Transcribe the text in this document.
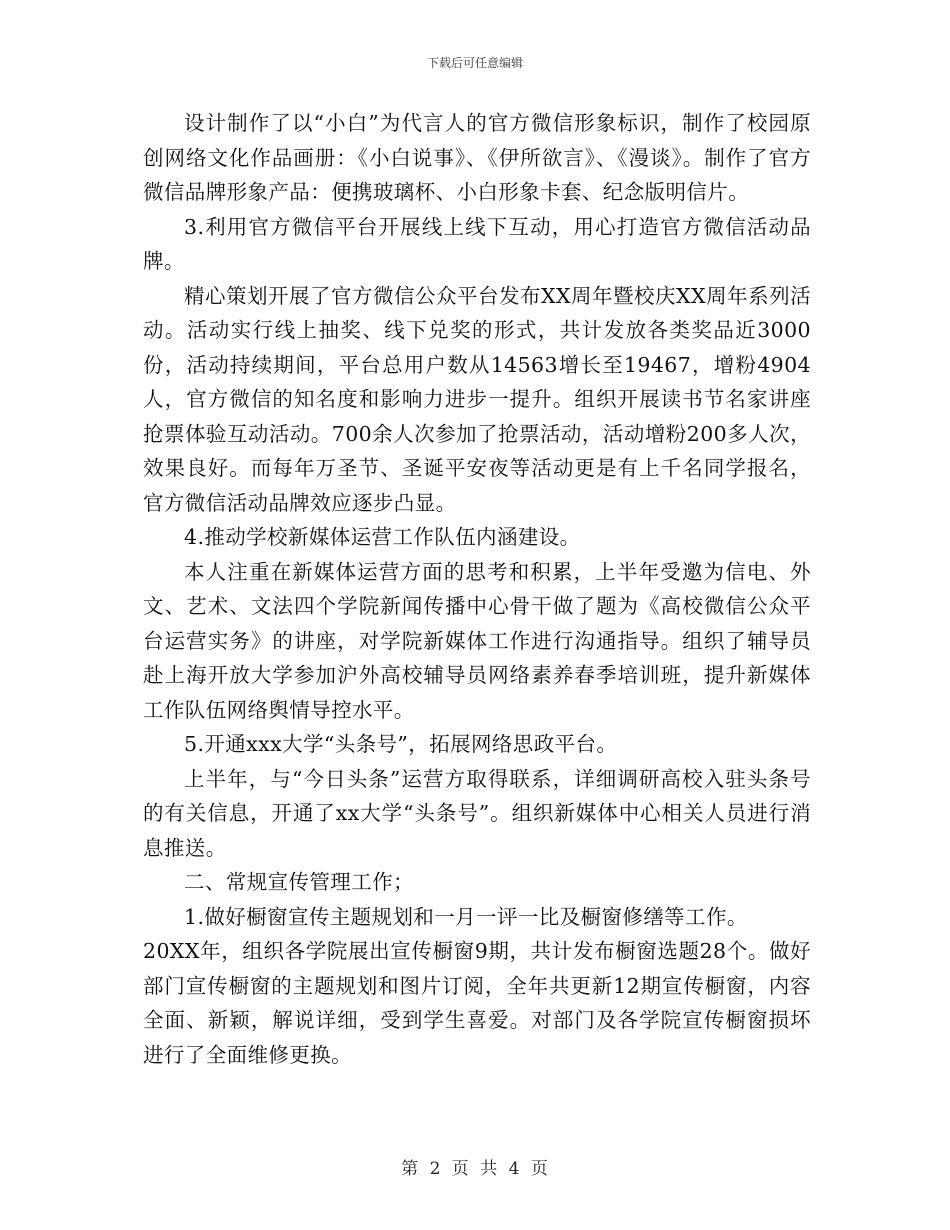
下载后可任意编辑

设计制作了以“小白”为代言人的官方微信形象标识，制作了校园原创网络文化作品画册：《小白说事》、《伊所欲言》、《漫谈》。制作了官方微信品牌形象产品：便携玻璃杯、小白形象卡套、纪念版明信片。

3.利用官方微信平台开展线上线下互动，用心打造官方微信活动品牌。

精心策划开展了官方微信公众平台发布XX周年暨校庆XX周年系列活动。活动实行线上抽奖、线下兑奖的形式，共计发放各类奖品近3000份，活动持续期间，平台总用户数从14563增长至19467，增粉4904人，官方微信的知名度和影响力进步一提升。组织开展读书节名家讲座抢票体验互动活动。700余人次参加了抢票活动，活动增粉200多人次，效果良好。而每年万圣节、圣诞平安夜等活动更是有上千名同学报名，官方微信活动品牌效应逐步凸显。

4.推动学校新媒体运营工作队伍内涵建设。

本人注重在新媒体运营方面的思考和积累，上半年受邀为信电、外文、艺术、文法四个学院新闻传播中心骨干做了题为《高校微信公众平台运营实务》的讲座，对学院新媒体工作进行沟通指导。组织了辅导员赴上海开放大学参加沪外高校辅导员网络素养春季培训班，提升新媒体工作队伍网络舆情导控水平。

5.开通xxx大学“头条号”，拓展网络思政平台。

上半年，与“今日头条”运营方取得联系，详细调研高校入驻头条号的有关信息，开通了xx大学“头条号”。组织新媒体中心相关人员进行消息推送。

二、常规宣传管理工作；

1.做好橱窗宣传主题规划和一月一评一比及橱窗修缮等工作。

20XX年，组织各学院展出宣传橱窗9期，共计发布橱窗选题28个。做好部门宣传橱窗的主题规划和图片订阅，全年共更新12期宣传橱窗，内容全面、新颖，解说详细，受到学生喜爱。对部门及各学院宣传橱窗损坏进行了全面维修更换。

第 2 页 共 4 页
